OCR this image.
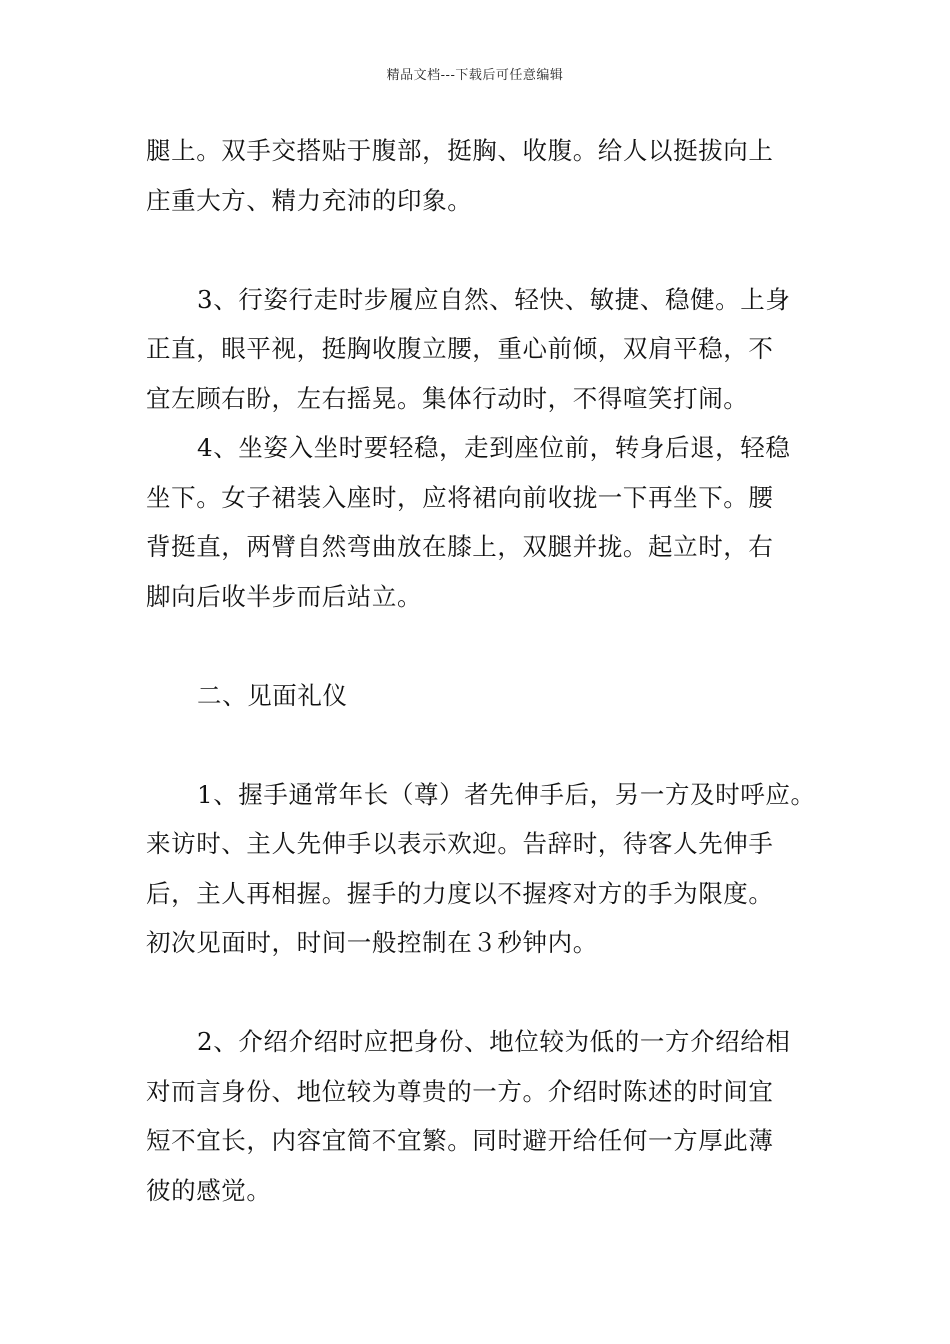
精品文档---下载后可任意编辑
腿上。双手交搭贴于腹部，挺胸、收腹。给人以挺拔向上
庄重大方、精力充沛的印象。
3、行姿行走时步履应自然、轻快、敏捷、稳健。上身
正直，眼平视，挺胸收腹立腰，重心前倾，双肩平稳，不
宜左顾右盼，左右摇晃。集体行动时，不得喧笑打闹。
4、坐姿入坐时要轻稳，走到座位前，转身后退，轻稳
坐下。女子裙装入座时，应将裙向前收拢一下再坐下。腰
背挺直，两臂自然弯曲放在膝上，双腿并拢。起立时，右
脚向后收半步而后站立。
二、见面礼仪
1、握手通常年长（尊）者先伸手后，另一方及时呼应。
来访时、主人先伸手以表示欢迎。告辞时，待客人先伸手
后，主人再相握。握手的力度以不握疼对方的手为限度。
初次见面时，时间一般控制在３秒钟内。
2、介绍介绍时应把身份、地位较为低的一方介绍给相
对而言身份、地位较为尊贵的一方。介绍时陈述的时间宜
短不宜长，内容宜简不宜繁。同时避开给任何一方厚此薄
彼的感觉。
